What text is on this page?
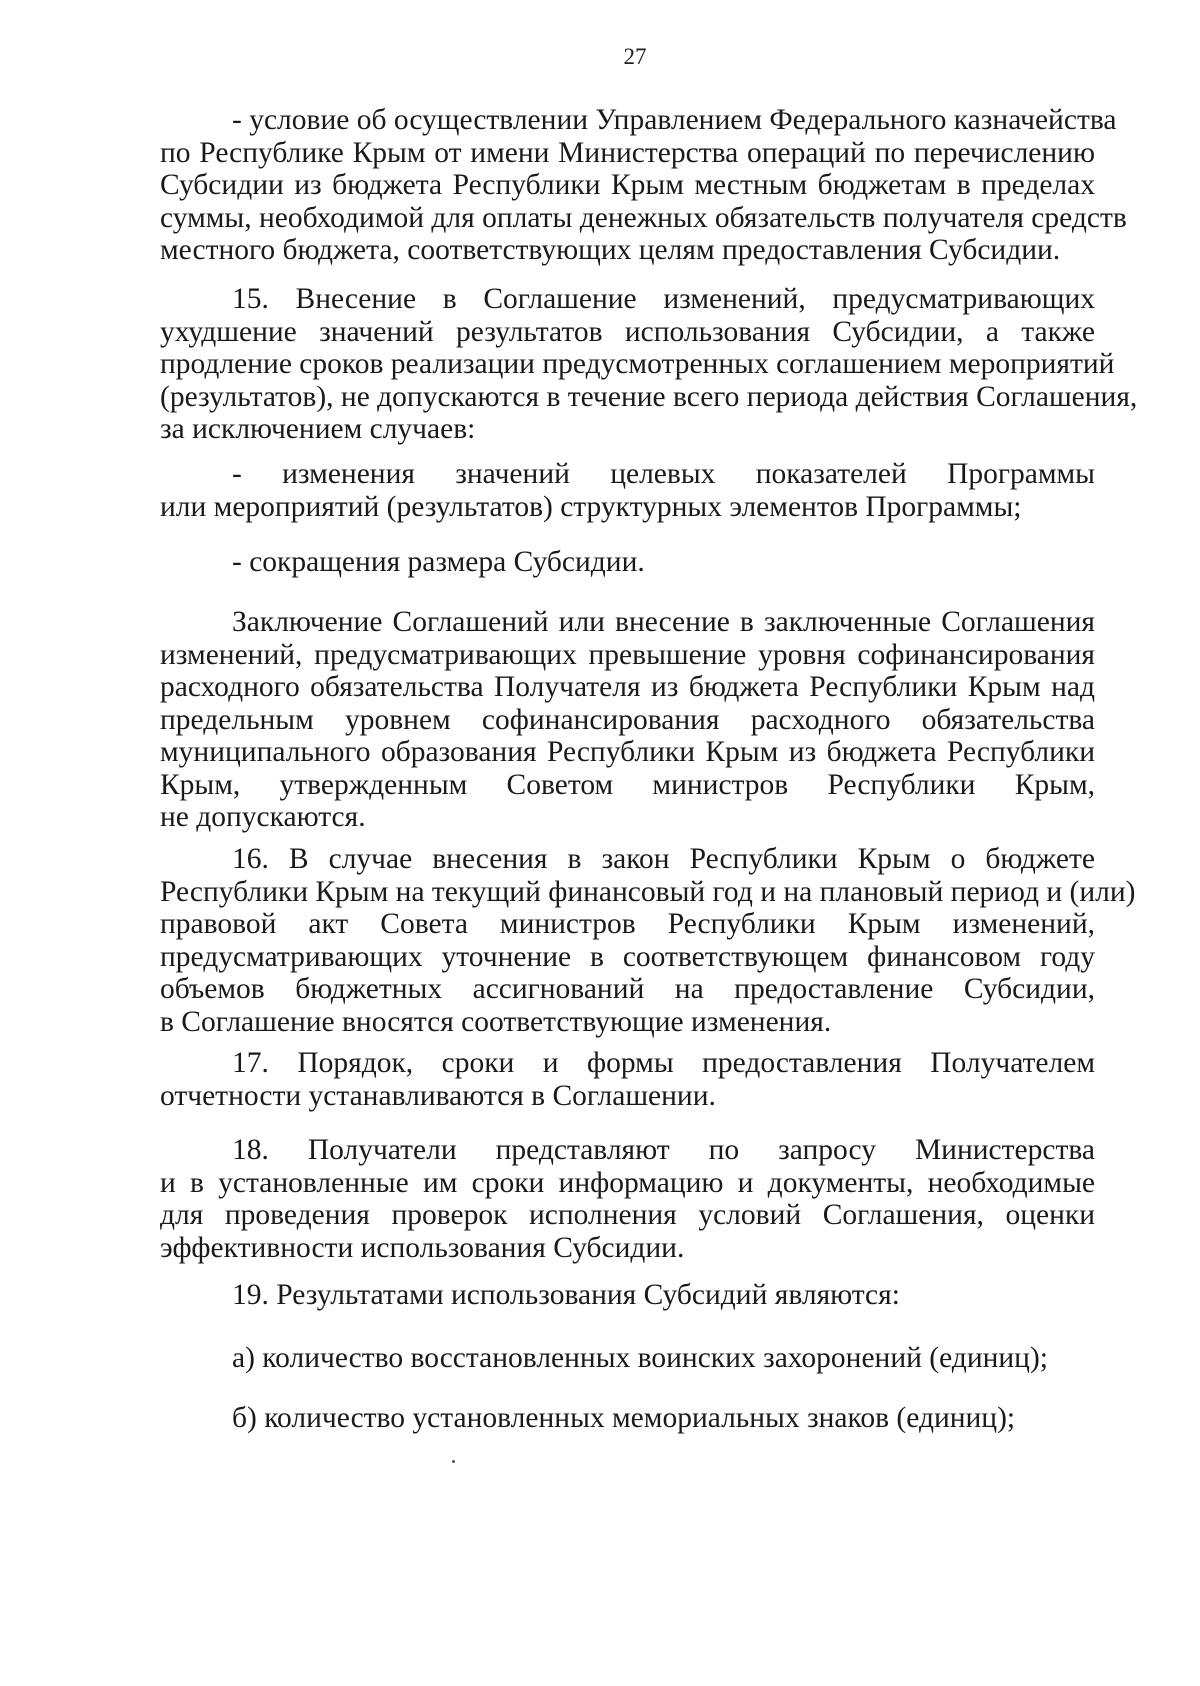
27
- условие об осуществлении Управлением Федерального казначейства
по Республике Крым от имени Министерства операций по перечислению
Субсидии из бюджета Республики Крым местным бюджетам в пределах
суммы, необходимой для оплаты денежных обязательств получателя средств
местного бюджета, соответствующих целям предоставления Субсидии.
15. Внесение в Соглашение изменений, предусматривающих
ухудшение значений результатов использования Субсидии, а также
продление сроков реализации предусмотренных соглашением мероприятий
(результатов), не допускаются в течение всего периода действия Соглашения,
за исключением случаев:
- изменения значений целевых показателей Программы
или мероприятий (результатов) структурных элементов Программы;
- сокращения размера Субсидии.
Заключение Соглашений или внесение в заключенные Соглашения
изменений, предусматривающих превышение уровня софинансирования
расходного обязательства Получателя из бюджета Республики Крым над
предельным уровнем софинансирования расходного обязательства
муниципального образования Республики Крым из бюджета Республики
Крым, утвержденным Советом министров Республики Крым,
не допускаются.
16. В случае внесения в закон Республики Крым о бюджете
Республики Крым на текущий финансовый год и на плановый период и (или)
правовой акт Совета министров Республики Крым изменений,
предусматривающих уточнение в соответствующем финансовом году
объемов бюджетных ассигнований на предоставление Субсидии,
в Соглашение вносятся соответствующие изменения.
17. Порядок, сроки и формы предоставления Получателем
отчетности устанавливаются в Соглашении.
18. Получатели представляют по запросу Министерства
и в установленные им сроки информацию и документы, необходимые
для проведения проверок исполнения условий Соглашения, оценки
эффективности использования Субсидии.
19. Результатами использования Субсидий являются:
а) количество восстановленных воинских захоронений (единиц);
б) количество установленных мемориальных знаков (единиц);
